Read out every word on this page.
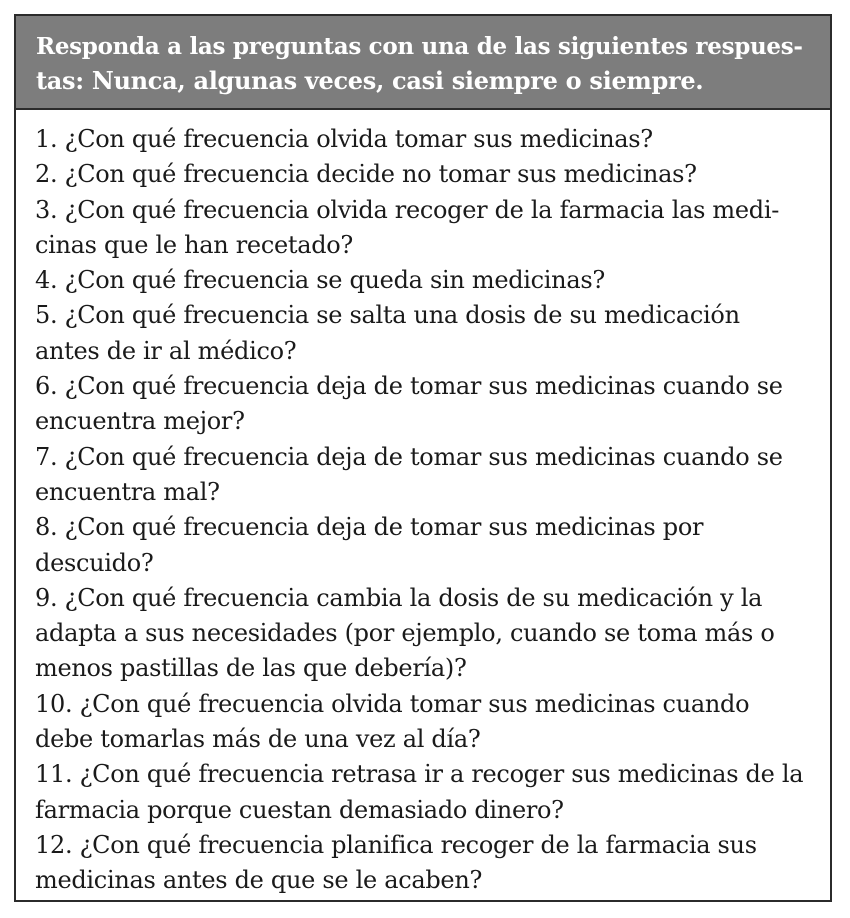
Responda a las preguntas con una de las siguientes respues-
tas: Nunca, algunas veces, casi siempre o siempre.
1. ¿Con qué frecuencia olvida tomar sus medicinas?
2. ¿Con qué frecuencia decide no tomar sus medicinas?
3. ¿Con qué frecuencia olvida recoger de la farmacia las medi-
cinas que le han recetado?
4. ¿Con qué frecuencia se queda sin medicinas?
5. ¿Con qué frecuencia se salta una dosis de su medicación
antes de ir al médico?
6. ¿Con qué frecuencia deja de tomar sus medicinas cuando se
encuentra mejor?
7. ¿Con qué frecuencia deja de tomar sus medicinas cuando se
encuentra mal?
8. ¿Con qué frecuencia deja de tomar sus medicinas por
descuido?
9. ¿Con qué frecuencia cambia la dosis de su medicación y la
adapta a sus necesidades (por ejemplo, cuando se toma más o
menos pastillas de las que debería)?
10. ¿Con qué frecuencia olvida tomar sus medicinas cuando
debe tomarlas más de una vez al día?
11. ¿Con qué frecuencia retrasa ir a recoger sus medicinas de la
farmacia porque cuestan demasiado dinero?
12. ¿Con qué frecuencia planifica recoger de la farmacia sus
medicinas antes de que se le acaben?
